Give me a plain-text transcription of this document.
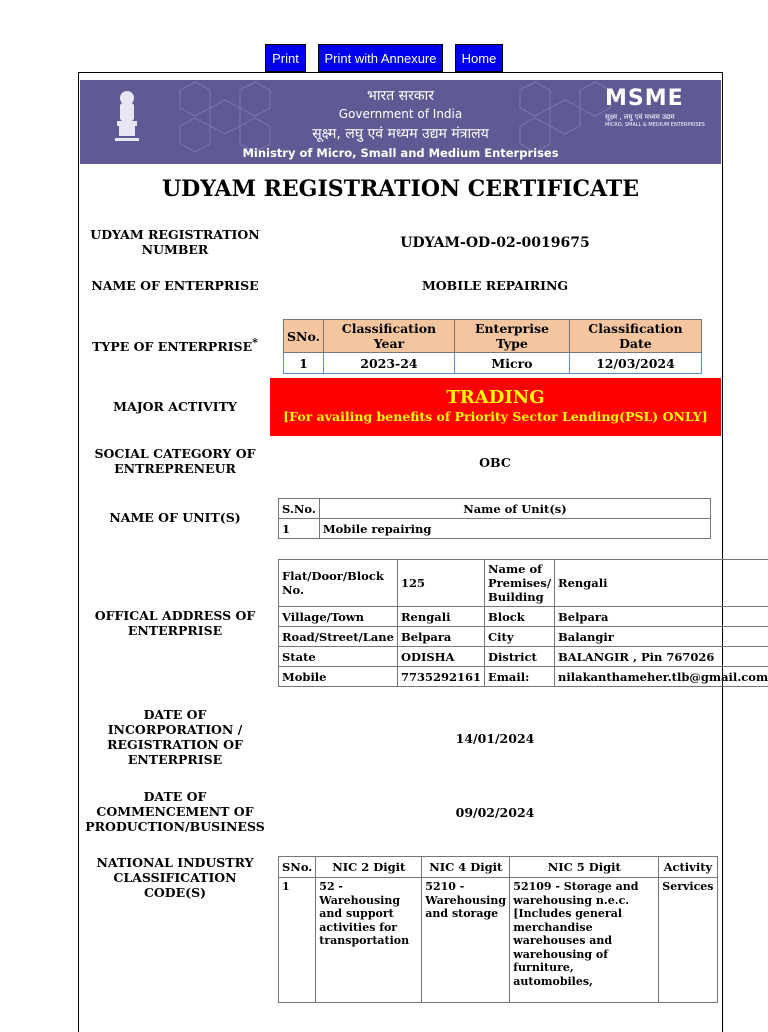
Print	Print with Annexure	Home
भारत सरकार
Government of India
सूक्ष्म, लघु एवं मध्यम उद्यम मंत्रालय
Ministry of Micro, Small and Medium Enterprises
MSME
सूक्ष्म , लघु एवं मध्यम उद्यम
MICRO, SMALL & MEDIUM ENTERPRISES
UDYAM REGISTRATION CERTIFICATE
UDYAM REGISTRATION NUMBER	UDYAM-OD-02-0019675
NAME OF ENTERPRISE	MOBILE REPAIRING
TYPE OF ENTERPRISE*	SNo.	Classification Year	Enterprise Type	Classification Date
1	2023-24	Micro	12/03/2024
MAJOR ACTIVITY	TRADING
[For availing benefits of Priority Sector Lending(PSL) ONLY]
SOCIAL CATEGORY OF ENTREPRENEUR	OBC
NAME OF UNIT(S)
S.No.	Name of Unit(s)
1	Mobile repairing
OFFICAL ADDRESS OF ENTERPRISE
Flat/Door/Block No.	125	Name of Premises/ Building	Rengali
Village/Town	Rengali	Block	Belpara
Road/Street/Lane	Belpara	City	Balangir
State	ODISHA	District	BALANGIR , Pin 767026
Mobile	7735292161	Email:	nilakanthameher.tlb@gmail.com
DATE OF INCORPORATION / REGISTRATION OF ENTERPRISE
14/01/2024
DATE OF COMMENCEMENT OF PRODUCTION/BUSINESS
09/02/2024
NATIONAL INDUSTRY CLASSIFICATION CODE(S)
SNo.	NIC 2 Digit	NIC 4 Digit	NIC 5 Digit	Activity
1	52 - Warehousing and support activities for transportation	5210 - Warehousing and storage	52109 - Storage and warehousing n.e.c. [Includes general merchandise warehouses and warehousing of furniture, automobiles,	Services
